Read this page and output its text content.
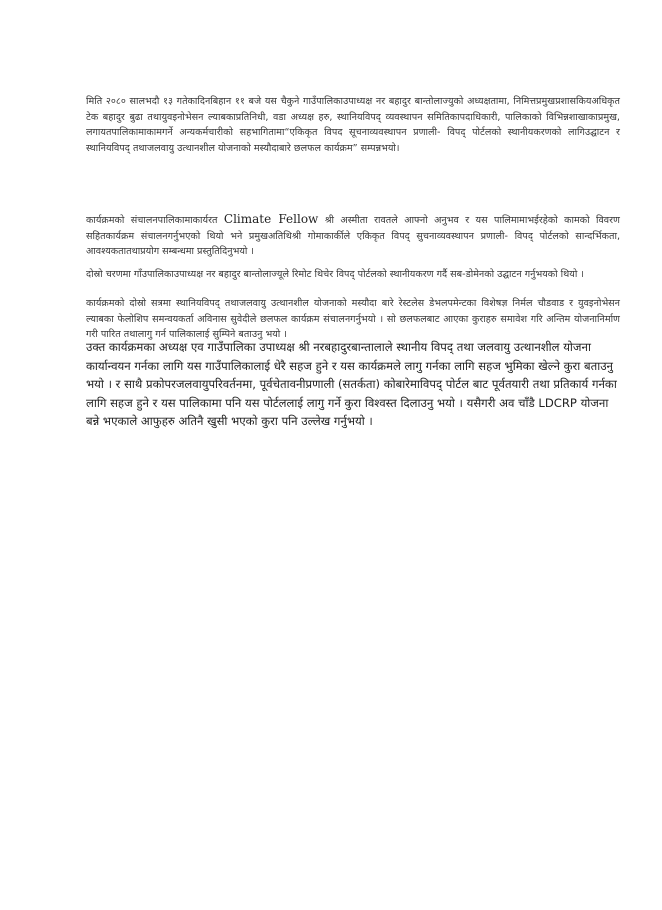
मिति २०८० सालभदौ १३ गतेकादिनबिहान ११ बजे यस चैकुने गाउँपालिकाउपाध्यक्ष नर बहादुर बान्तोलाज्युको अध्यक्षतामा, निमित्तप्रमुखप्रशासकियअधिकृत टेक बहादुर बुढा तथायुवइनोभेसन ल्याबकाप्रतिनिधी, वडा अध्यक्ष हरु, स्थानियविपद् व्यवस्थापन समितिकापदाधिकारी, पालिकाको विभिन्नशाखाकाप्रमुख, लगायतपालिकामाकामगर्ने अन्यकर्मचारीको सहभागितामा“एकिकृत विपद सूचनाव्यवस्थापन प्रणाली- विपद् पोर्टलको स्थानीयकरणको लागिउद्घाटन र स्थानियविपद् तथाजलवायु उत्थानशील योजनाको मस्यौदाबारे छलफल कार्यक्रम” सम्पन्नभयो।

कार्यक्रमको संचालनपालिकामाकार्यरत Climate Fellow श्री अस्मीता रावतले आफ्नो अनुभव र यस पालिमामाभईरहेको कामको विवरण सहितकार्यक्रम संचालनगर्नुभएको थियो भने प्रमुखअतिथिश्री गोमाकार्कीले एकिकृत विपद् सुचनाव्यवस्थापन प्रणाली- विपद् पोर्टलको सान्दर्भिकता, आवश्यकतातथाप्रयोग सम्बन्धमा प्रस्तुतिदिनुभयो ।

दोस्रो चरणमा गाँउपालिकाउपाध्यक्ष नर बहादुर बान्तोलाज्यूले रिमोट थिचेर विपद् पोर्टलको स्थानीयकरण गर्दै सब-डोमेनको उद्घाटन गर्नुभयको थियो ।

कार्यक्रमको दोस्रो सत्रमा स्थानियविपद् तथाजलवायु उत्थानशील योजनाको मस्यौदा बारे रेस्टलेस डेभलपमेन्टका विशेषज्ञ निर्मल चौडवाड र युवइनोभेसन ल्याबका फेलोशिप समन्वयकर्ता अविनास सुवेदीले छलफल कार्यक्रम संचालनगर्नुभयो । सो छलफलबाट आएका कुराहरु समावेश गरि अन्तिम योजनानिर्माण गरी पारित तथालागु गर्न पालिकालाई सुम्पिने बताउनु भयो ।

उक्त कार्यक्रमका अध्यक्ष एव गाउँपालिका उपाध्यक्ष श्री नरबहादुरबान्तालाले स्थानीय विपद् तथा जलवायु उत्थानशील योजना कार्यान्वयन गर्नका लागि यस गाउँपालिकालाई धेरै सहज हुने र यस कार्यक्रमले लागु गर्नका लागि सहज भुमिका खेल्ने कुरा बताउनु भयो । र साथै प्रकोपरजलवायुपरिवर्तनमा, पूर्वचेतावनीप्रणाली (सतर्कता) कोबारेमाविपद् पोर्टल बाट पूर्वतयारी तथा प्रतिकार्य गर्नका लागि सहज हुने र यस पालिकामा पनि यस पोर्टललाई लागु गर्ने कुरा विश्वस्त दिलाउनु भयो । यसैगरी अव चाँडै LDCRP योजना बन्ने भएकाले आफुहरु अतिनै खुसी भएको कुरा पनि उल्लेख गर्नुभयो ।
